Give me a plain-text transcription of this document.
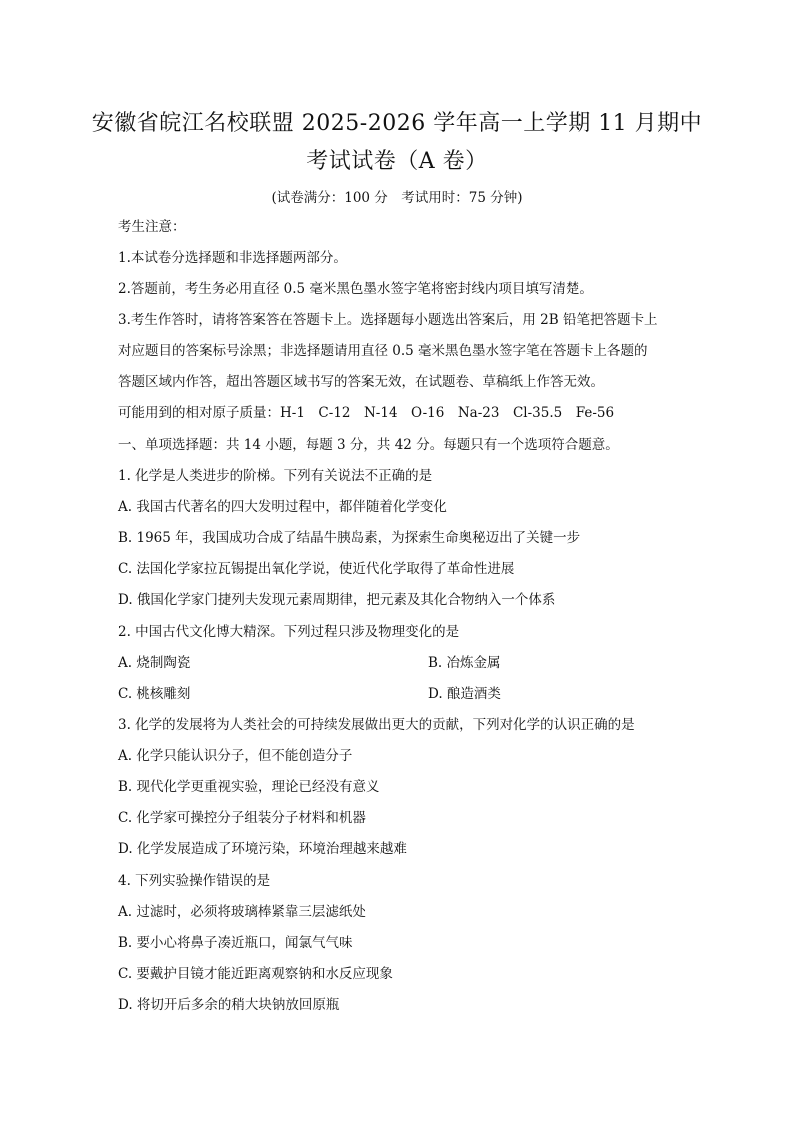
安徽省皖江名校联盟 2025-2026 学年高一上学期 11 月期中
考试试卷（A 卷）
(试卷满分：100 分　考试用时：75 分钟)
考生注意：
1.本试卷分选择题和非选择题两部分。
2.答题前，考生务必用直径 0.5 毫米黑色墨水签字笔将密封线内项目填写清楚。
3.考生作答时，请将答案答在答题卡上。选择题每小题选出答案后，用 2B 铅笔把答题卡上
对应题目的答案标号涂黑；非选择题请用直径 0.5 毫米黑色墨水签字笔在答题卡上各题的
答题区域内作答，超出答题区域书写的答案无效，在试题卷、草稿纸上作答无效。
可能用到的相对原子质量：H-1　C-12　N-14　O-16　Na-23　Cl-35.5　Fe-56
一、单项选择题：共 14 小题，每题 3 分，共 42 分。每题只有一个选项符合题意。
1. 化学是人类进步的阶梯。下列有关说法不正确的是
A. 我国古代著名的四大发明过程中，都伴随着化学变化
B. 1965 年，我国成功合成了结晶牛胰岛素，为探索生命奥秘迈出了关键一步
C. 法国化学家拉瓦锡提出氧化学说，使近代化学取得了革命性进展
D. 俄国化学家门捷列夫发现元素周期律，把元素及其化合物纳入一个体系
2. 中国古代文化博大精深。下列过程只涉及物理变化的是
A. 烧制陶瓷	B. 冶炼金属
C. 桃核雕刻	D. 酿造酒类
3. 化学的发展将为人类社会的可持续发展做出更大的贡献，下列对化学的认识正确的是
A. 化学只能认识分子，但不能创造分子
B. 现代化学更重视实验，理论已经没有意义
C. 化学家可操控分子组装分子材料和机器
D. 化学发展造成了环境污染，环境治理越来越难
4. 下列实验操作错误的是
A. 过滤时，必须将玻璃棒紧靠三层滤纸处
B. 要小心将鼻子凑近瓶口，闻氯气气味
C. 要戴护目镜才能近距离观察钠和水反应现象
D. 将切开后多余的稍大块钠放回原瓶
